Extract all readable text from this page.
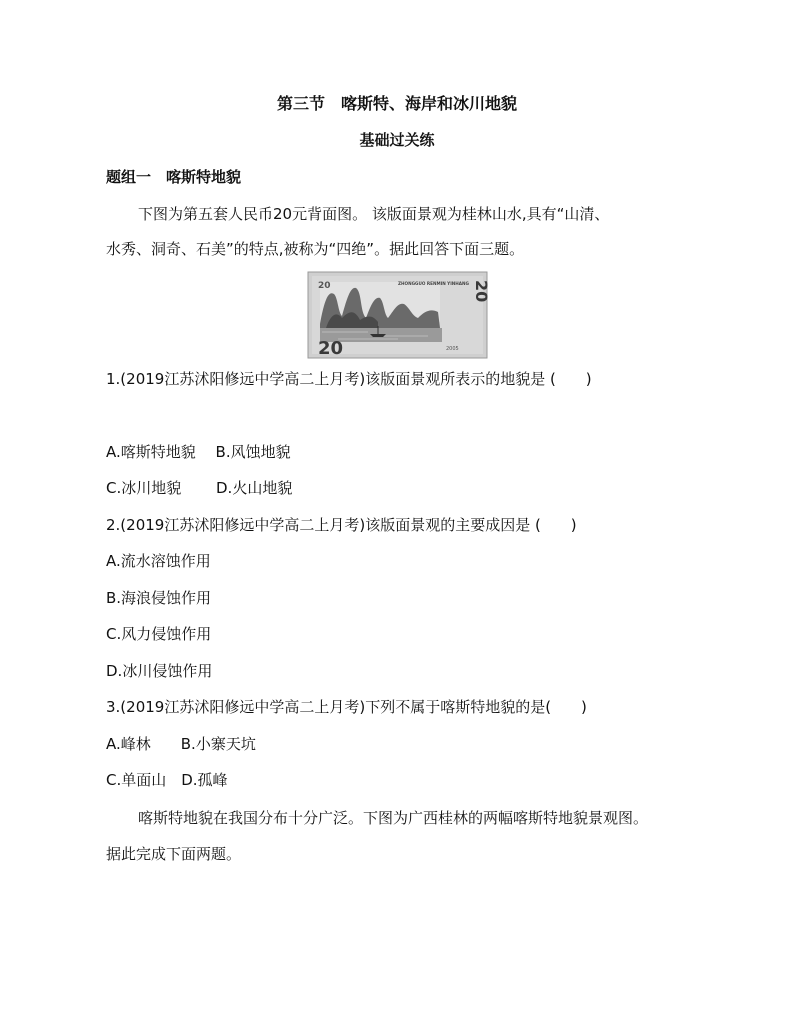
第三节　喀斯特、海岸和冰川地貌
基础过关练
题组一　喀斯特地貌
下图为第五套人民币20元背面图。 该版面景观为桂林山水,具有“山清、
水秀、洞奇、石美”的特点,被称为“四绝”。据此回答下面三题。
20
20	ZHONGGUO RENMIN YINHANG 20
2005
1.(2019江苏沭阳修远中学高二上月考)该版面景观所表示的地貌是 (　　)
A.喀斯特地貌　 B.风蚀地貌
C.冰川地貌　　 D.火山地貌
2.(2019江苏沭阳修远中学高二上月考)该版面景观的主要成因是 (　　)
A.流水溶蚀作用
B.海浪侵蚀作用
C.风力侵蚀作用
D.冰川侵蚀作用
3.(2019江苏沭阳修远中学高二上月考)下列不属于喀斯特地貌的是(　　)
A.峰林　　B.小寨天坑
C.单面山　D.孤峰
喀斯特地貌在我国分布十分广泛。下图为广西桂林的两幅喀斯特地貌景观图。
据此完成下面两题。
